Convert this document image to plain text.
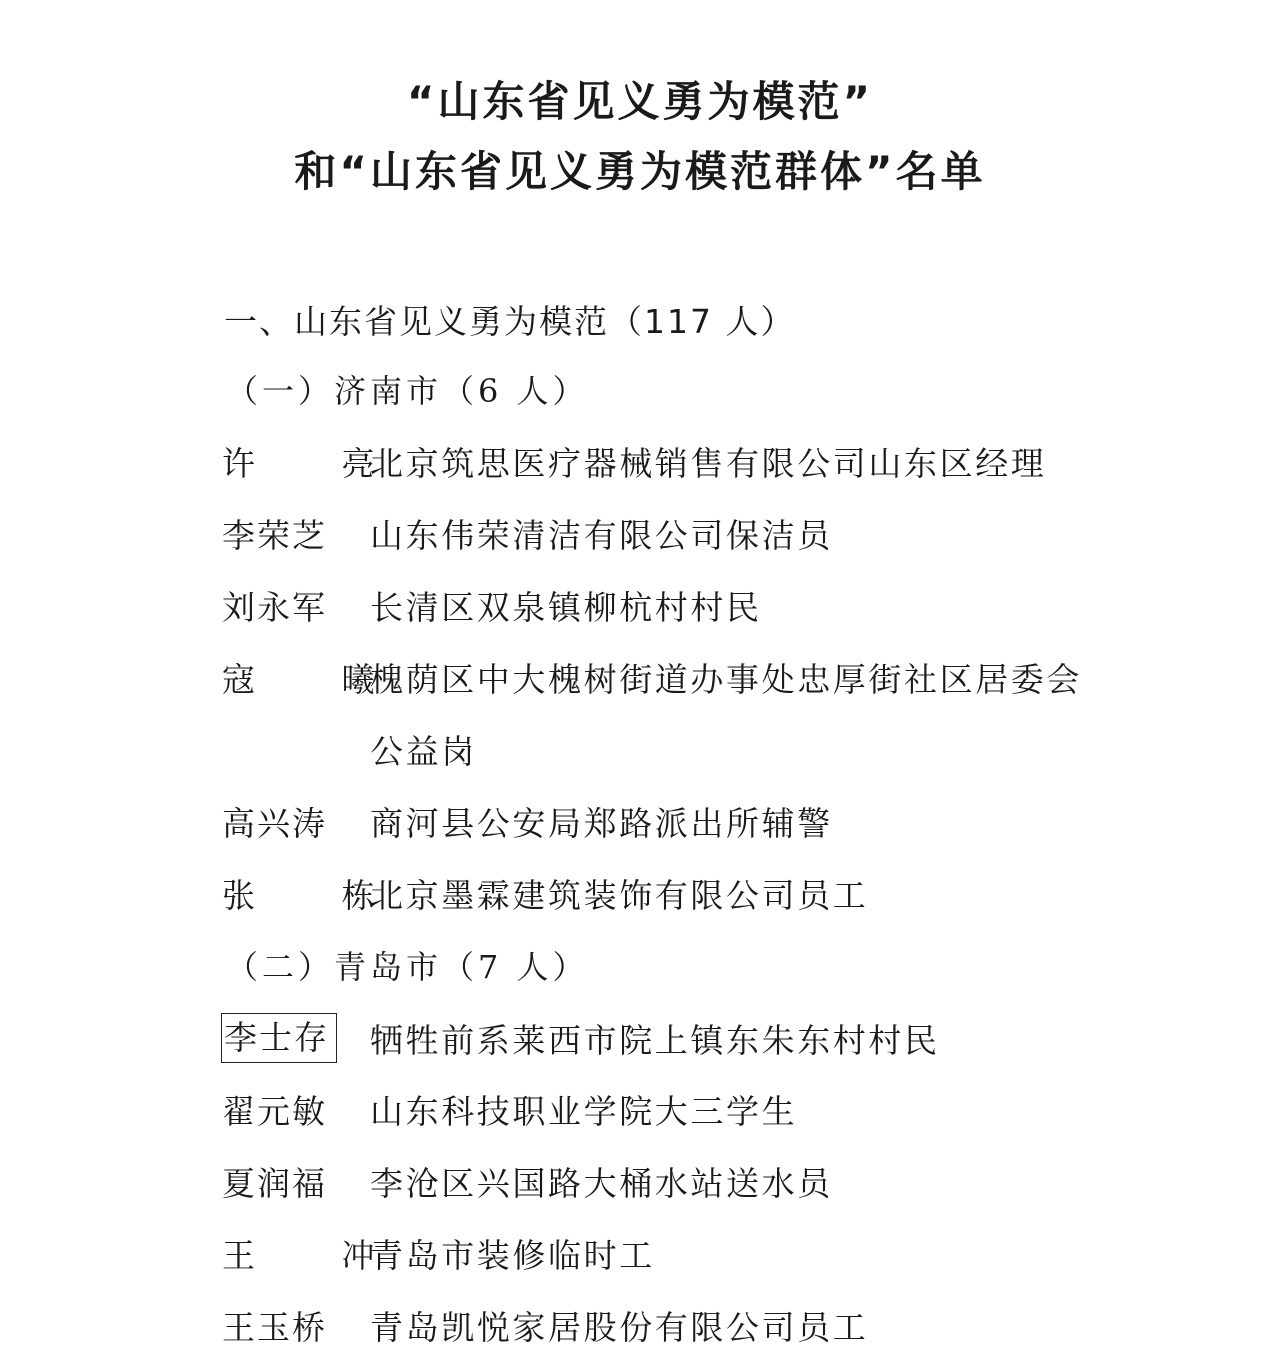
“山东省见义勇为模范”
和“山东省见义勇为模范群体”名单
一、山东省见义勇为模范（117 人）
（一）济南市（6 人）
许 亮
北京筑思医疗器械销售有限公司山东区经理
李荣芝 山东伟荣清洁有限公司保洁员
刘永军 长清区双泉镇柳杭村村民
寇 曦
槐荫区中大槐树街道办事处忠厚街社区居委会
公益岗
高兴涛 商河县公安局郑路派出所辅警
张 栋
北京墨霖建筑装饰有限公司员工
（二）青岛市（7 人）
李士存 牺牲前系莱西市院上镇东朱东村村民
翟元敏 山东科技职业学院大三学生
夏润福 李沧区兴国路大桶水站送水员
王 冲
青岛市装修临时工
王玉桥 青岛凯悦家居股份有限公司员工
